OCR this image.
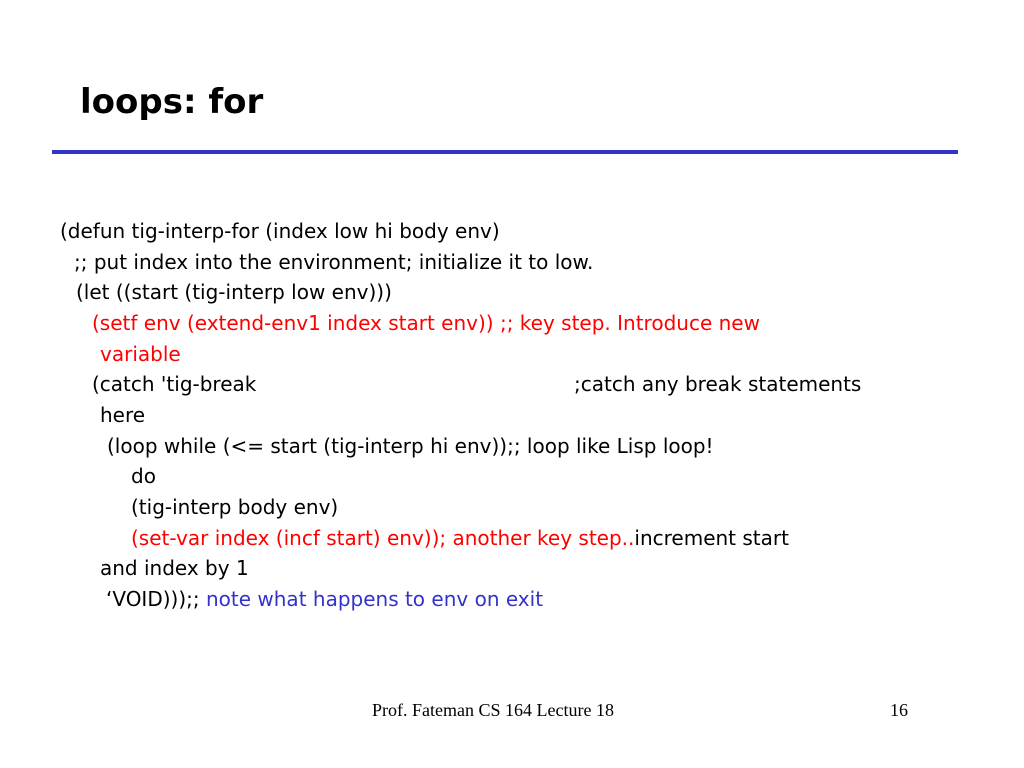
loops: for
(defun tig-interp-for (index low hi body env)
;; put index into the environment; initialize it to low.
(let ((start (tig-interp low env)))
(setf env (extend-env1 index start env)) ;; key step. Introduce new
variable
(catch 'tig-break	;catch any break statements
here
(loop while (<= start (tig-interp hi env));; loop like Lisp loop!
do
(tig-interp body env)
(set-var index (incf start) env)); another key step..increment start
and index by 1
‘VOID)));; note what happens to env on exit
Prof. Fateman CS 164 Lecture 18	16
